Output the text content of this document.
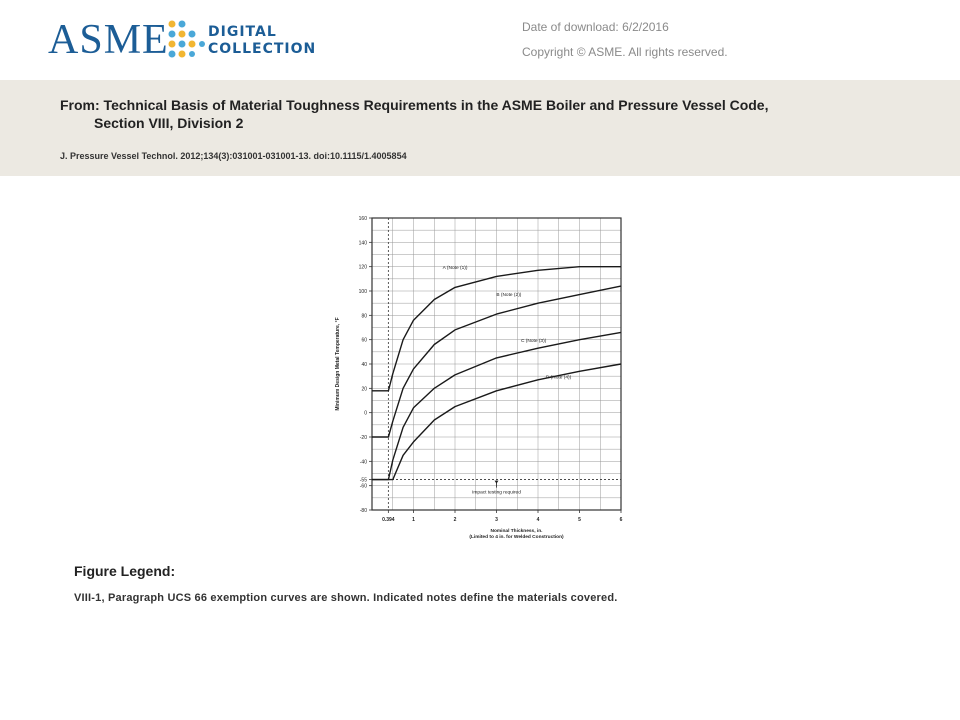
ASME	DIGITAL
COLLECTION
Date of download: 6/2/2016
Copyright © ASME. All rights reserved.
From: Technical Basis of Material Toughness Requirements in the ASME Boiler and Pressure Vessel Code,
Section VIII, Division 2
J. Pressure Vessel Technol. 2012;134(3):031001-031001-13. doi:10.1115/1.4005854
160
140
120
100
80
60
40
20
0
-20
-40
-55
-60
-80
0.394	1	2	3	4	5	6
A (Note (1))
B (Note (2))
C (Note (3))
D (Note (4))
Impact testing required
Nominal Thickness, in.
(Limited to 4 in. for Welded Construction)
Minimum Design Metal Temperature, °F
Figure Legend:
VIII-1, Paragraph UCS 66 exemption curves are shown. Indicated notes define the materials covered.
